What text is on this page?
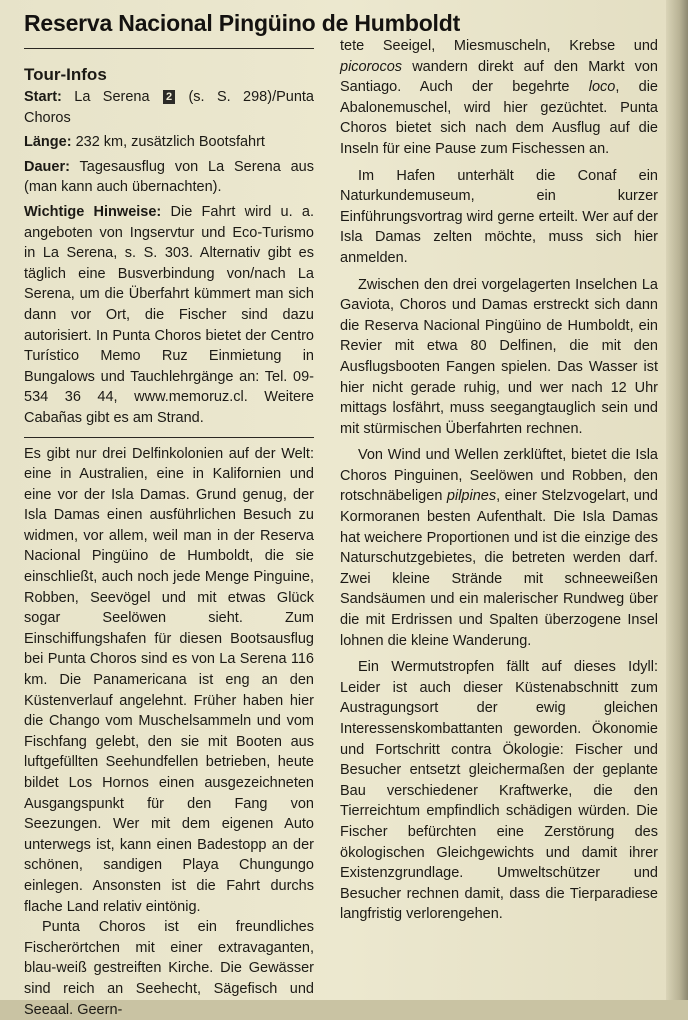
Reserva Nacional Pingüino de Humboldt
Tour-Infos

Start: La Serena 2 (s. S. 298)/Punta Choros

Länge: 232 km, zusätzlich Bootsfahrt

Dauer: Tagesausflug von La Serena aus (man kann auch übernachten).

Wichtige Hinweise: Die Fahrt wird u. a. angeboten von Ingservtur und Eco-Turismo in La Serena, s. S. 303. Alternativ gibt es täglich eine Busverbindung von/nach La Serena, um die Überfahrt kümmert man sich dann vor Ort, die Fischer sind dazu autorisiert. In Punta Choros bietet der Centro Turístico Memo Ruz Einmietung in Bungalows und Tauchlehrgänge an: Tel. 09-534 36 44, www.memoruz.cl. Weitere Cabañas gibt es am Strand.

Es gibt nur drei Delfinkolonien auf der Welt: eine in Australien, eine in Kalifornien und eine vor der Isla Damas. Grund genug, der Isla Damas einen ausführlichen Besuch zu widmen, vor allem, weil man in der Reserva Nacional Pingüino de Humboldt, die sie einschließt, auch noch jede Menge Pinguine, Robben, Seevögel und mit etwas Glück sogar Seelöwen sieht. Zum Einschiffungshafen für diesen Bootsausflug bei Punta Choros sind es von La Serena 116 km. Die Panamericana ist eng an den Küstenverlauf angelehnt. Früher haben hier die Chango vom Muschelsammeln und vom Fischfang gelebt, den sie mit Booten aus luftgefüllten Seehundfellen betrieben, heute bildet Los Hornos einen ausgezeichneten Ausgangspunkt für den Fang von Seezungen. Wer mit dem eigenen Auto unterwegs ist, kann einen Badestopp an der schönen, sandigen Playa Chungungo einlegen. Ansonsten ist die Fahrt durchs flache Land relativ eintönig.

Punta Choros ist ein freundliches Fischerörtchen mit einer extravaganten, blau-weiß gestreiften Kirche. Die Gewässer sind reich an Seehecht, Sägefisch und Seeaal. Geern-

tete Seeigel, Miesmuscheln, Krebse und picorocos wandern direkt auf den Markt von Santiago. Auch der begehrte loco, die Abalonemuschel, wird hier gezüchtet. Punta Choros bietet sich nach dem Ausflug auf die Inseln für eine Pause zum Fischessen an.

Im Hafen unterhält die Conaf ein Naturkundemuseum, ein kurzer Einführungsvortrag wird gerne erteilt. Wer auf der Isla Damas zelten möchte, muss sich hier anmelden.

Zwischen den drei vorgelagerten Inselchen La Gaviota, Choros und Damas erstreckt sich dann die Reserva Nacional Pingüino de Humboldt, ein Revier mit etwa 80 Delfinen, die mit den Ausflugsbooten Fangen spielen. Das Wasser ist hier nicht gerade ruhig, und wer nach 12 Uhr mittags losfährt, muss seegangtauglich sein und mit stürmischen Überfahrten rechnen.

Von Wind und Wellen zerklüftet, bietet die Isla Choros Pinguinen, Seelöwen und Robben, den rotschnäbeligen pilpines, einer Stelzvogelart, und Kormoranen besten Aufenthalt. Die Isla Damas hat weichere Proportionen und ist die einzige des Naturschutzgebietes, die betreten werden darf. Zwei kleine Strände mit schneeweißen Sandsäumen und ein malerischer Rundweg über die mit Erdrissen und Spalten überzogene Insel lohnen die kleine Wanderung.

Ein Wermutstropfen fällt auf dieses Idyll: Leider ist auch dieser Küstenabschnitt zum Austragungsort der ewig gleichen Interessenskombattanten geworden. Ökonomie und Fortschritt contra Ökologie: Fischer und Besucher entsetzt gleichermaßen der geplante Bau verschiedener Kraftwerke, die den Tierreichtum empfindlich schädigen würden. Die Fischer befürchten eine Zerstörung des ökologischen Gleichgewichts und damit ihrer Existenzgrundlage. Umweltschützer und Besucher rechnen damit, dass die Tierparadiese langfristig verlorengehen.
